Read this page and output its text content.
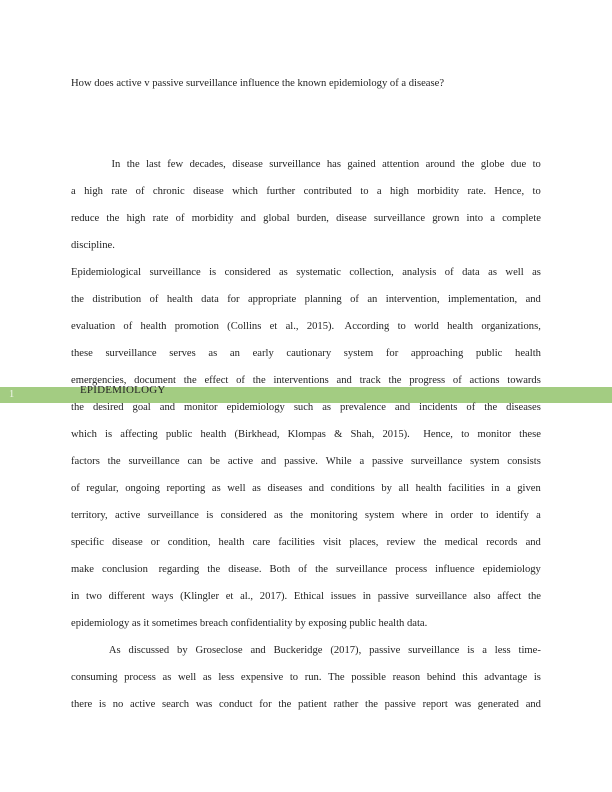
1	EPIDEMIOLOGY
How does active v passive surveillance influence the known epidemiology of a disease?
In the last few decades, disease surveillance has gained attention around the globe due to
a high rate of chronic disease which further contributed to a high morbidity rate. Hence, to
reduce the high rate of morbidity and global burden, disease surveillance grown into a complete
discipline.
Epidemiological surveillance is considered as systematic collection, analysis of data as well as
the distribution of health data for appropriate planning of an intervention, implementation, and
evaluation of health promotion (Collins et al., 2015). According to world health organizations,
these surveillance serves as an early cautionary system for approaching public health
emergencies, document the effect of the interventions and track the progress of actions towards
the desired goal and monitor epidemiology such as prevalence and incidents of the diseases
which is affecting public health (Birkhead, Klompas & Shah, 2015). Hence, to monitor these
factors the surveillance can be active and passive. While a passive surveillance system consists
of regular, ongoing reporting as well as diseases and conditions by all health facilities in a given
territory, active surveillance is considered as the monitoring system where in order to identify a
specific disease or condition, health care facilities visit places, review the medical records and
make conclusion regarding the disease. Both of the surveillance process influence epidemiology
in two different ways (Klingler et al., 2017). Ethical issues in passive surveillance also affect the
epidemiology as it sometimes breach confidentiality by exposing public health data.
As discussed by Groseclose and Buckeridge (2017), passive surveillance is a less time-
consuming process as well as less expensive to run. The possible reason behind this advantage is
there is no active search was conduct for the patient rather the passive report was generated and
